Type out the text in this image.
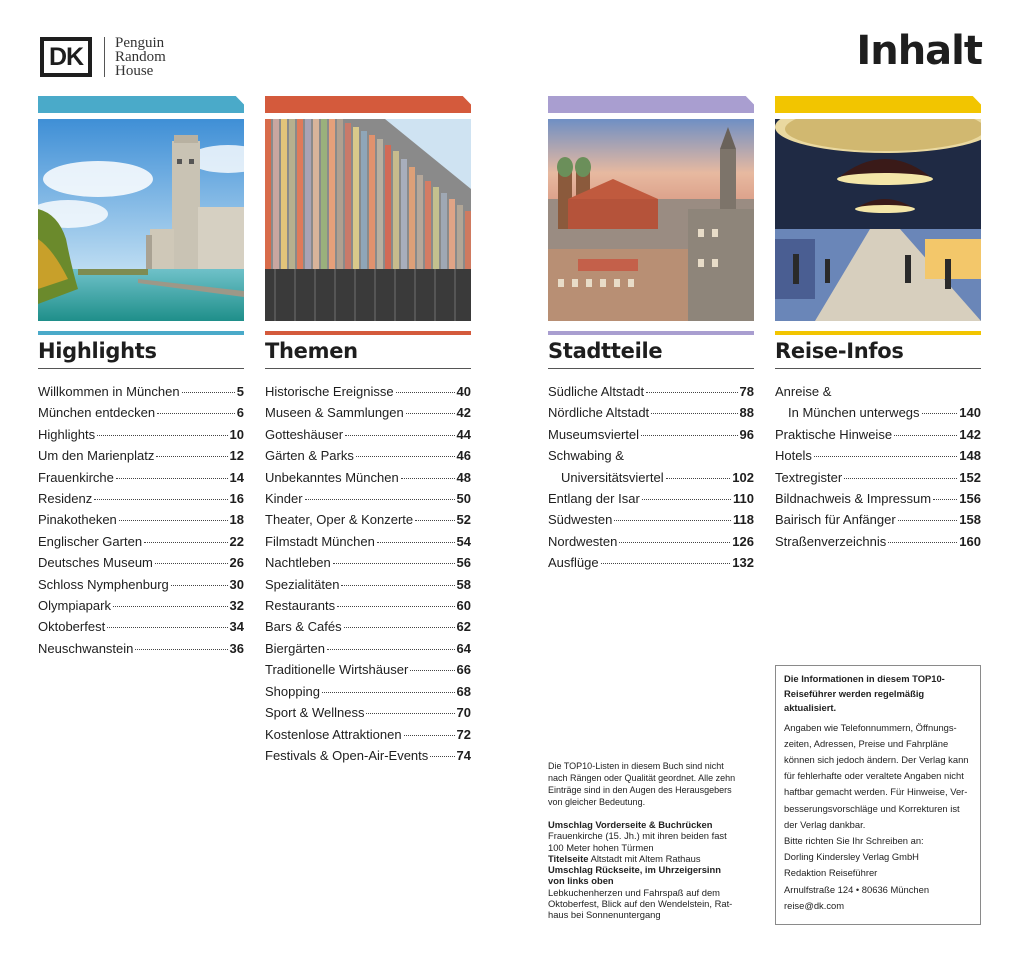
DK	Penguin
Random
House	Inhalt
Highlights
Willkommen in München	5
München entdecken	6
Highlights	10
Um den Marienplatz	12
Frauenkirche	14
Residenz	16
Pinakotheken	18
Englischer Garten	22
Deutsches Museum	26
Schloss Nymphenburg	30
Olympiapark	32
Oktoberfest	34
Neuschwanstein	36
Themen
Historische Ereignisse	40
Museen & Sammlungen	42
Gotteshäuser	44
Gärten & Parks	46
Unbekanntes München	48
Kinder	50
Theater, Oper & Konzerte	52
Filmstadt München	54
Nachtleben	56
Spezialitäten	58
Restaurants	60
Bars & Cafés	62
Biergärten	64
Traditionelle Wirtshäuser	66
Shopping	68
Sport & Wellness	70
Kostenlose Attraktionen	72
Festivals & Open-Air-Events 74
Stadtteile
Südliche Altstadt	78
Nördliche Altstadt	88
Museumsviertel	96
Schwabing &
Universitätsviertel	102
Entlang der Isar	110
Südwesten	118
Nordwesten	126
Ausflüge	132
Reise-Infos
Anreise &
In München unterwegs	140
Praktische Hinweise	142
Hotels	148
Textregister	152
Bildnachweis & Impressum 156
Bairisch für Anfänger	158
Straßenverzeichnis	160

Die TOP10-Listen in diesem Buch sind nicht
nach Rängen oder Qualität geordnet. Alle zehn
Einträge sind in den Augen des Herausgebers
von gleicher Bedeutung.

Umschlag Vorderseite & Buchrücken
Frauenkirche (15. Jh.) mit ihren beiden fast
100 Meter hohen Türmen
Titelseite Altstadt mit Altem Rathaus
Umschlag Rückseite, im Uhrzeigersinn
von links oben
Lebkuchenherzen und Fahrspaß auf dem
Oktoberfest, Blick auf den Wendelstein, Rat-
haus bei Sonnenuntergang

Die Informationen in diesem TOP10-
Reiseführer werden regelmäßig
aktualisiert.

Angaben wie Telefonnummern, Öffnungs-

zeiten, Adressen, Preise und Fahrpläne

können sich jedoch ändern. Der Verlag kann

für fehlerhafte oder veraltete Angaben nicht

haftbar gemacht werden. Für Hinweise, Ver-

besserungsvorschläge und Korrekturen ist

der Verlag dankbar.

Bitte richten Sie Ihr Schreiben an:

Dorling Kindersley Verlag GmbH

Redaktion Reiseführer

Arnulfstraße 124 • 80636 München

reise@dk.com
